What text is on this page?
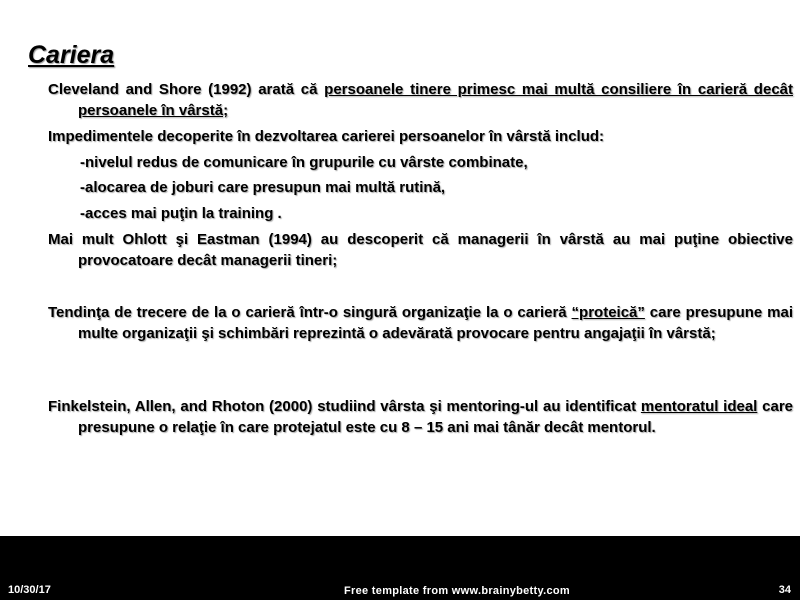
Cariera
Cleveland and Shore (1992) arată că persoanele tinere primesc mai multă consiliere în carieră decât persoanele în vârstă;
Impedimentele decoperite în dezvoltarea carierei persoanelor în vârstă includ:
-nivelul redus de comunicare în grupurile cu vârste combinate,
-alocarea de joburi care presupun mai multă rutină,
-acces mai puţin la training .
Mai mult Ohlott şi Eastman (1994) au descoperit că managerii în vârstă au mai puţine obiective provocatoare decât managerii tineri;
Tendinţa de trecere de la o carieră într-o singură organizaţie la o carieră “proteică” care presupune mai multe organizaţii şi schimbări reprezintă o adevărată provocare pentru angajaţii în vârstă;
Finkelstein, Allen, and Rhoton (2000) studiind vârsta şi mentoring-ul au identificat mentoratul ideal care presupune o relaţie în care protejatul este cu 8 – 15 ani mai tânăr decât mentorul.
10/30/17	Free template from www.brainybetty.com	34
